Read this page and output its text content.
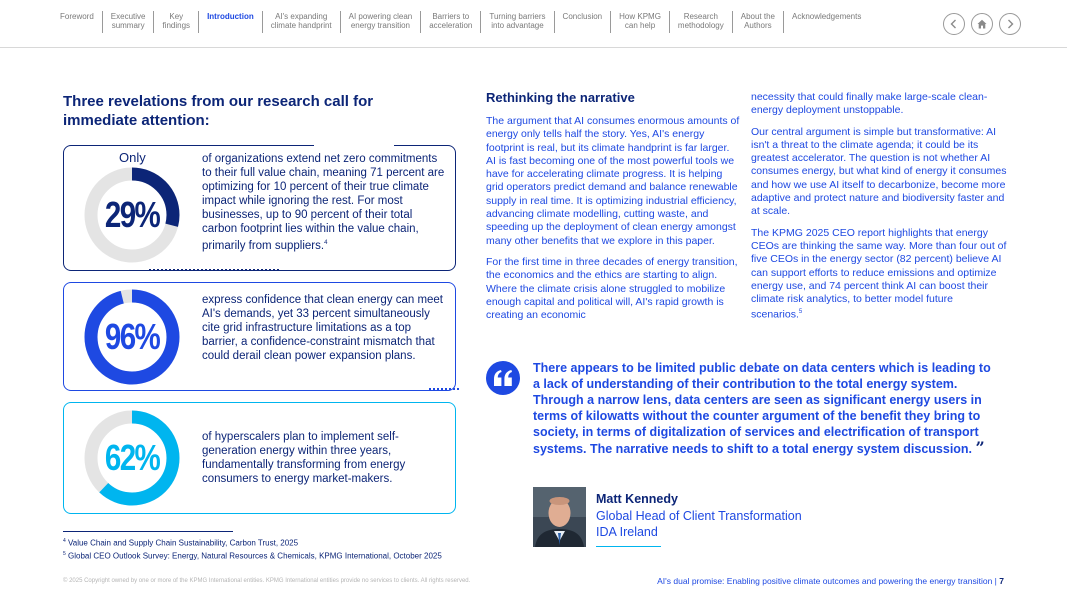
Foreword	Executive
summary
Key
findings
Introduction	AI's expanding
climate handprint
AI powering clean
energy transition
Barriers to
acceleration
Turning barriers
into advantage
Conclusion	How KPMG
can help
Research
methodology
About the
Authors
Acknowledgements
Three revelations from our research call for immediate attention:
29%
Only	of organizations extend net zero commitments to their full value chain, meaning 71 percent are optimizing for 10 percent of their true climate impact while ignoring the rest. For most businesses, up to 90 percent of their total carbon footprint lies within the value chain, primarily from suppliers.$^4$
96%
express confidence that clean energy can meet AI's demands, yet 33 percent simultaneously cite grid infrastructure limitations as a top barrier, a confidence-constraint mismatch that could derail clean power expansion plans.
62%	of hyperscalers plan to implement self-generation energy within three years, fundamentally transforming from energy consumers to energy market-makers.
$^4$ Value Chain and Supply Chain Sustainability, Carbon Trust, 2025
$^5$ Global CEO Outlook Survey: Energy, Natural Resources & Chemicals, KPMG International, October 2025
Rethinking the narrative

The argument that AI consumes enormous amounts of energy only tells half the story. Yes, AI's energy footprint is real, but its climate handprint is far larger. AI is fast becoming one of the most powerful tools we have for accelerating climate progress. It is helping grid operators predict demand and balance renewable supply in real time. It is optimizing industrial efficiency, advancing climate modelling, cutting waste, and speeding up the deployment of clean energy amongst many other benefits that we explore in this paper.

For the first time in three decades of energy transition, the economics and the ethics are starting to align. Where the climate crisis alone struggled to mobilize enough capital and political will, AI's rapid growth is creating an economic

necessity that could finally make large-scale clean-energy deployment unstoppable.

Our central argument is simple but transformative: AI isn't a threat to the climate agenda; it could be its greatest accelerator. The question is not whether AI consumes energy, but what kind of energy it consumes and how we use AI itself to decarbonize, become more adaptive and protect nature and biodiversity faster and at scale.

The KPMG 2025 CEO report highlights that energy CEOs are thinking the same way. More than four out of five CEOs in the energy sector (82 percent) believe AI can support efforts to reduce emissions and optimize energy use, and 74 percent think AI can boost their climate risk analytics, to better model future scenarios.$^5$

There appears to be limited public debate on data centers which is leading to a lack of understanding of their contribution to the total energy system. Through a narrow lens, data centers are seen as significant energy users in terms of kilowatts without the counter argument of the benefit they bring to society, in terms of digitalization of services and electrification of transport systems. The narrative needs to shift to a total energy system discussion. ”
Matt Kennedy
Global Head of Client Transformation
IDA Ireland
© 2025 Copyright owned by one or more of the KPMG International entities. KPMG International entities provide no services to clients. All rights reserved.	AI's dual promise: Enabling positive climate outcomes and powering the energy transition | 7
